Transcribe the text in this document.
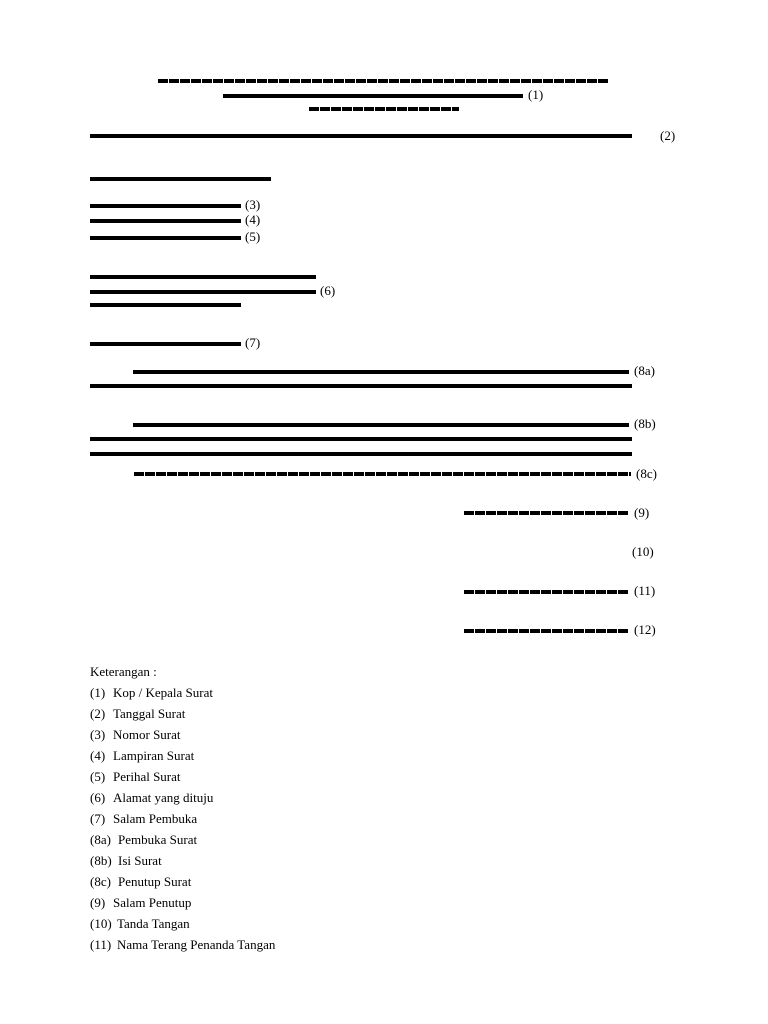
(1)
(2)
(3)
(4)
(5)
(6)
(7)
(8a)
(8b)
(8c)
(9)
(10)
(11)
(12)
Keterangan :
(1) Kop / Kepala Surat
(2) Tanggal Surat
(3) Nomor Surat
(4) Lampiran Surat
(5) Perihal Surat
(6) Alamat yang dituju
(7) Salam Pembuka
(8a) Pembuka Surat
(8b) Isi Surat
(8c) Penutup Surat
(9) Salam Penutup
(10) Tanda Tangan
(11) Nama Terang Penanda Tangan
